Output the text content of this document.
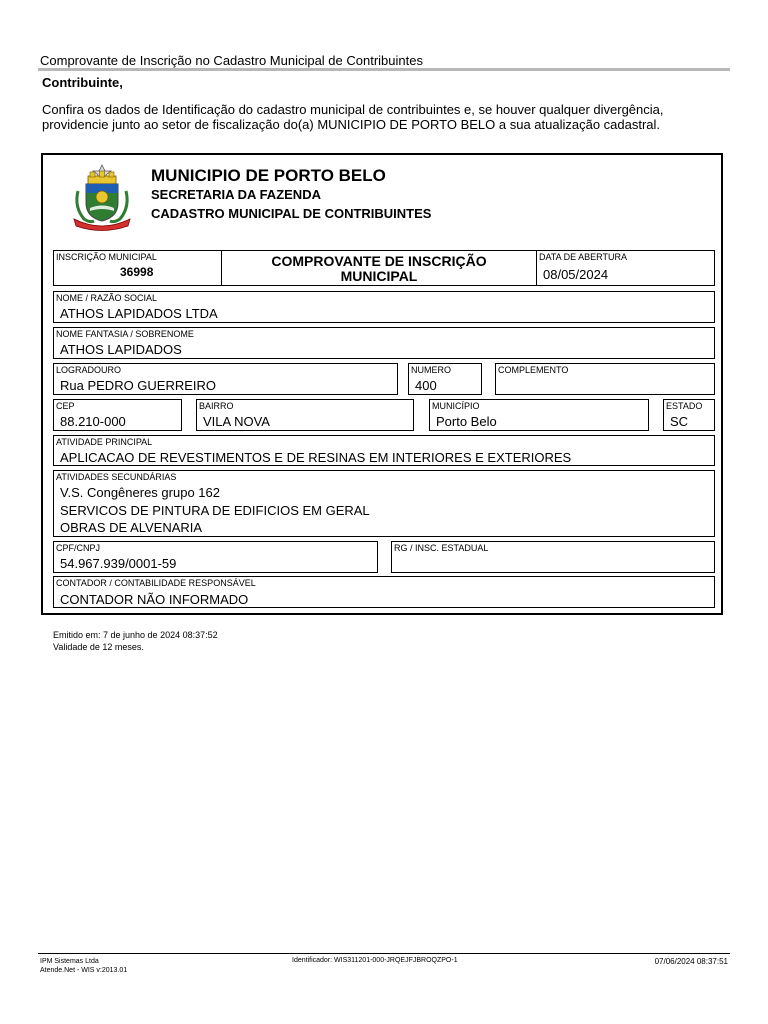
Comprovante de Inscrição no Cadastro Municipal de Contribuintes
Contribuinte,
Confira os dados de Identificação do cadastro municipal de contribuintes e, se houver qualquer divergência,
providencie junto ao setor de fiscalização do(a) MUNICIPIO DE PORTO BELO a sua atualização cadastral.
MUNICIPIO DE PORTO BELO
SECRETARIA DA FAZENDA
CADASTRO MUNICIPAL DE CONTRIBUINTES
INSCRIÇÃO MUNICIPAL
36998
COMPROVANTE DE INSCRIÇÃO
MUNICIPAL
DATA DE ABERTURA
08/05/2024
NOME / RAZÃO SOCIAL
ATHOS LAPIDADOS LTDA
NOME FANTASIA / SOBRENOME
ATHOS LAPIDADOS
LOGRADOURO
Rua PEDRO GUERREIRO
NUMERO
400
COMPLEMENTO
CEP
88.210-000
BAIRRO
VILA NOVA
MUNICÍPIO
Porto Belo
ESTADO
SC
ATIVIDADE PRINCIPAL
APLICACAO DE REVESTIMENTOS E DE RESINAS EM INTERIORES E EXTERIORES
ATIVIDADES SECUNDÁRIAS
V.S. Congêneres grupo 162
SERVICOS DE PINTURA DE EDIFICIOS EM GERAL
OBRAS DE ALVENARIA
CPF/CNPJ
54.967.939/0001-59
RG / INSC. ESTADUAL
CONTADOR / CONTABILIDADE RESPONSÁVEL
CONTADOR NÃO INFORMADO
Emitido em: 7 de junho de 2024 08:37:52
Validade de 12 meses.
IPM Sistemas Ltda
Atende.Net - WIS v:2013.01
Identificador: WIS311201-000-JRQEJFJBROQZPO-1	07/06/2024 08:37:51
